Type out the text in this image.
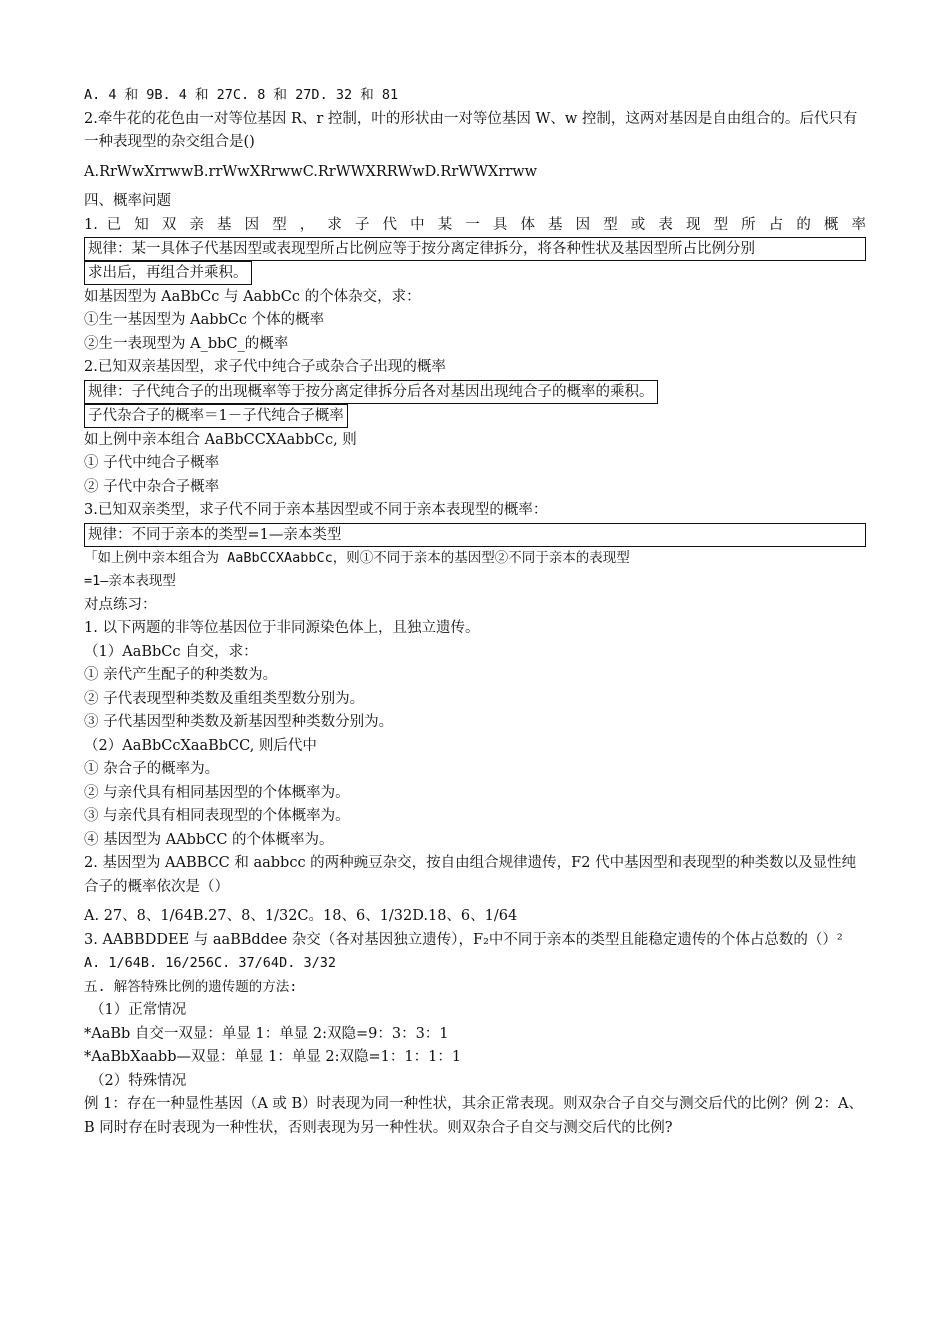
A. 4 和 9B. 4 和 27C. 8 和 27D. 32 和 81
2.牵牛花的花色由一对等位基因 R、r 控制，叶的形状由一对等位基因 W、w 控制，这两对基因是自由组合的。后代只有一种表现型的杂交组合是()
A.RrWwⅩrrwwB.rrWwⅩRrwwC.RrWWⅩRRWwD.RrWWⅩrrww
四、概率问题
1. 已 知 双 亲 基 因 型 ， 求 子 代 中 某 一 具 体 基 因 型 或 表 现 型 所 占 的 概 率
规律：某一具体子代基因型或表现型所占比例应等于按分离定律拆分，将各种性状及基因型所占比例分别
求出后，再组合并乘积。
如基因型为 AaBbCc 与 AabbCc 的个体杂交，求：
①生一基因型为 AabbCc 个体的概率
②生一表现型为 A_bbC_的概率
2.已知双亲基因型，求子代中纯合子或杂合子出现的概率
规律：子代纯合子的出现概率等于按分离定律拆分后各对基因出现纯合子的概率的乘积。
子代杂合子的概率＝1－子代纯合子概率
如上例中亲本组合 AaBbCCⅩAabbCc, 则
① 子代中纯合子概率
② 子代中杂合子概率
3.已知双亲类型，求子代不同于亲本基因型或不同于亲本表现型的概率：
规律：不同于亲本的类型=1—亲本类型
「如上例中亲本组合为 AaBbCCXAabbCc，则①不同于亲本的基因型②不同于亲本的表现型
=1—亲本表现型
对点练习：
1. 以下两题的非等位基因位于非同源染色体上，且独立遗传。
（1）AaBbCc 自交，求：
① 亲代产生配子的种类数为。
② 子代表现型种类数及重组类型数分别为。
③ 子代基因型种类数及新基因型种类数分别为。
（2）AaBbCcⅩaaBbCC, 则后代中
① 杂合子的概率为。
② 与亲代具有相同基因型的个体概率为。
③ 与亲代具有相同表现型的个体概率为。
④ 基因型为 AAbbCC 的个体概率为。
2. 基因型为 AABBCC 和 aabbcc 的两种豌豆杂交，按自由组合规律遗传，F2 代中基因型和表现型的种类数以及显性纯合子的概率依次是（）
A. 27、8、1/64B.27、8、1/32C。18、6、1/32D.18、6、1/64
3. AABBDDEE 与 aaBBddee 杂交（各对基因独立遗传），F₂中不同于亲本的类型且能稳定遗传的个体占总数的（）²
A. 1/64B. 16/256C. 37/64D. 3/32
五. 解答特殊比例的遗传题的方法:
（1）正常情况
*AaBb 自交一双显：单显 1：单显 2:双隐=9：3：3：1
*AaBbⅩaabb—双显：单显 1：单显 2:双隐=1：1：1：1
（2）特殊情况
例 1：存在一种显性基因（A 或 B）时表现为同一种性状，其余正常表现。则双杂合子自交与测交后代的比例？例 2：A、B 同时存在时表现为一种性状，否则表现为另一种性状。则双杂合子自交与测交后代的比例?
